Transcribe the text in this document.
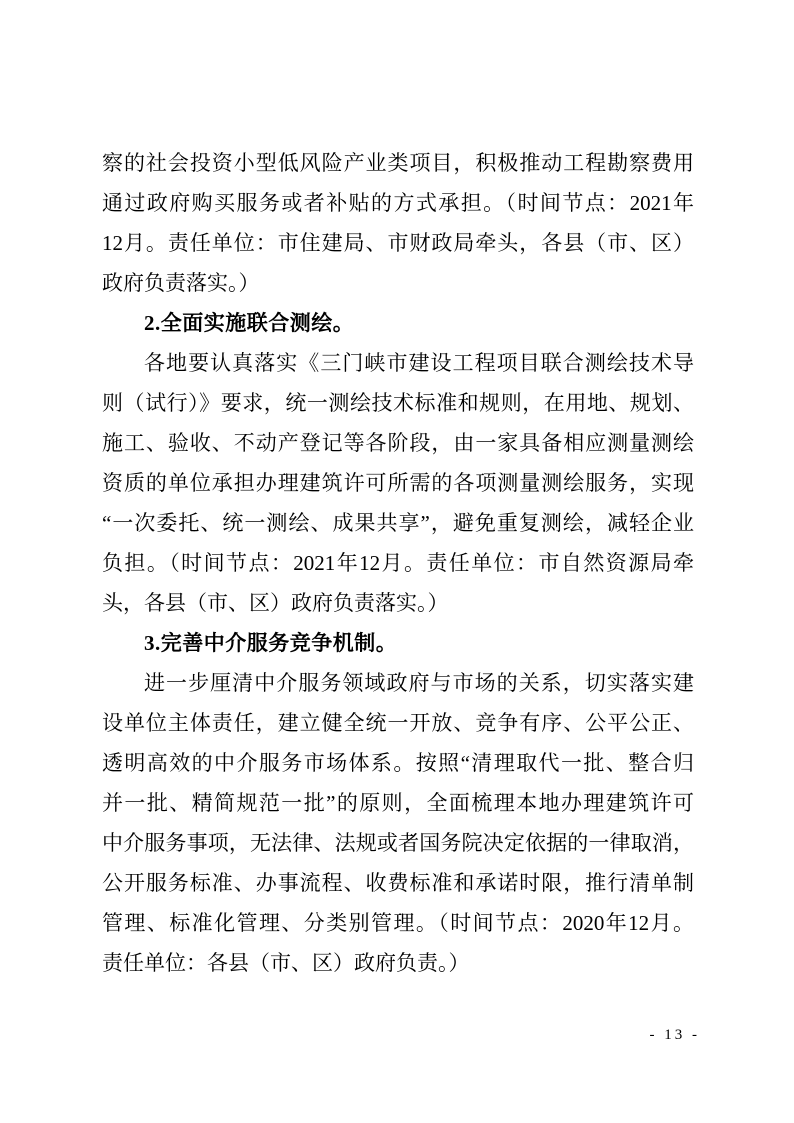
察的社会投资小型低风险产业类项目，积极推动工程勘察费用
通过政府购买服务或者补贴的方式承担。（时间节点：2021年
12月。责任单位：市住建局、市财政局牵头，各县（市、区）
政府负责落实。）
2.全面实施联合测绘。
各地要认真落实《三门峡市建设工程项目联合测绘技术导
则（试行）》要求，统一测绘技术标准和规则，在用地、规划、
施工、验收、不动产登记等各阶段，由一家具备相应测量测绘
资质的单位承担办理建筑许可所需的各项测量测绘服务，实现
“一次委托、统一测绘、成果共享”，避免重复测绘，减轻企业
负担。（时间节点：2021年12月。责任单位：市自然资源局牵
头，各县（市、区）政府负责落实。）
3.完善中介服务竞争机制。
进一步厘清中介服务领域政府与市场的关系，切实落实建
设单位主体责任，建立健全统一开放、竞争有序、公平公正、
透明高效的中介服务市场体系。按照“清理取代一批、整合归
并一批、精简规范一批”的原则，全面梳理本地办理建筑许可
中介服务事项，无法律、法规或者国务院决定依据的一律取消，
公开服务标准、办事流程、收费标准和承诺时限，推行清单制
管理、标准化管理、分类别管理。（时间节点：2020年12月。
责任单位：各县（市、区）政府负责。）
- 13 -
